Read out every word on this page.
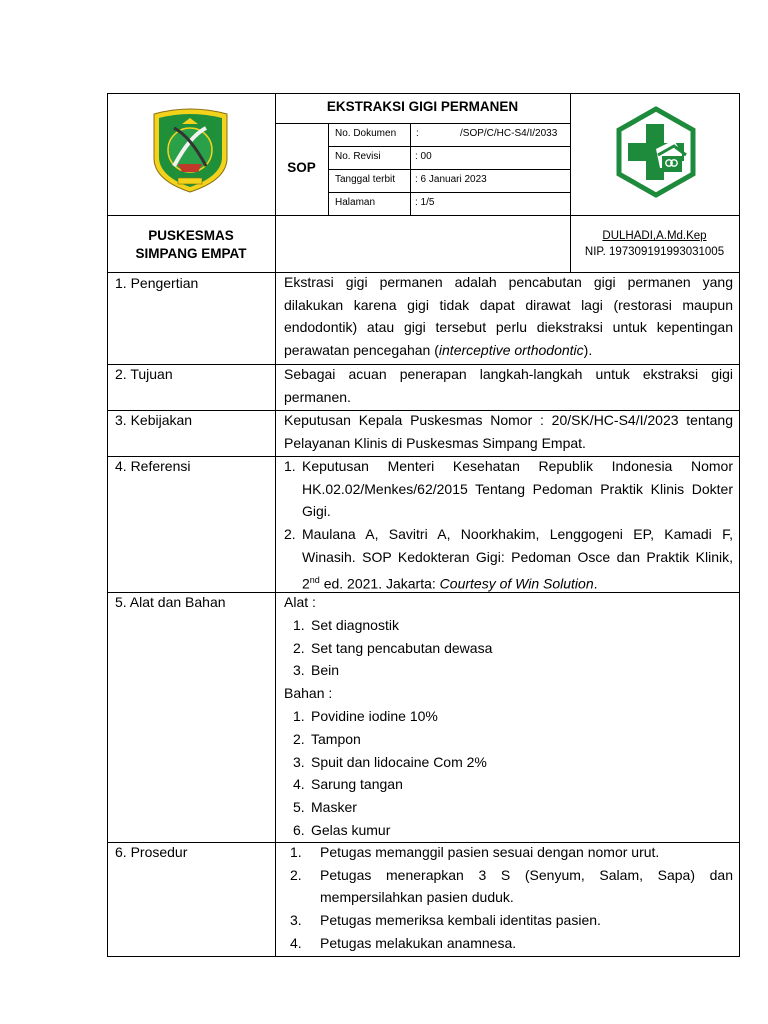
EKSTRAKSI GIGI PERMANEN
SOP
No. Dokumen :	/SOP/C/HC-S4/I/2033
No. Revisi	: 00
Tanggal terbit : 6 Januari 2023
Halaman	: 1/5
PUSKESMAS
SIMPANG EMPAT
DULHADI,A.Md.Kep
NIP. 197309191993031005
1. Pengertian	Ekstrasi gigi permanen adalah pencabutan gigi permanen yang dilakukan karena gigi tidak dapat dirawat lagi (restorasi maupun endodontik) atau gigi tersebut perlu diekstraksi untuk kepentingan perawatan pencegahan (interceptive orthodontic).
2. Tujuan	Sebagai acuan penerapan langkah-langkah untuk ekstraksi gigi permanen.
3. Kebijakan	Keputusan Kepala Puskesmas Nomor : 20/SK/HC-S4/I/2023 tentang Pelayanan Klinis di Puskesmas Simpang Empat.
4. Referensi	1. Keputusan Menteri Kesehatan Republik Indonesia Nomor HK.02.02/Menkes/62/2015 Tentang Pedoman Praktik Klinis Dokter Gigi.
2. Maulana A, Savitri A, Noorkhakim, Lenggogeni EP, Kamadi F, Winasih. SOP Kedokteran Gigi: Pedoman Osce dan Praktik Klinik, 2nd ed. 2021. Jakarta: Courtesy of Win Solution.
5. Alat dan Bahan	Alat :
1. Set diagnostik
2. Set tang pencabutan dewasa
3. Bein
Bahan :
1. Povidine iodine 10%
2. Tampon
3. Spuit dan lidocaine Com 2%
4. Sarung tangan
5. Masker
6. Gelas kumur
6. Prosedur	1. Petugas memanggil pasien sesuai dengan nomor urut.
2. Petugas menerapkan 3 S (Senyum, Salam, Sapa) dan mempersilahkan pasien duduk.
3. Petugas memeriksa kembali identitas pasien.
4. Petugas melakukan anamnesa.
